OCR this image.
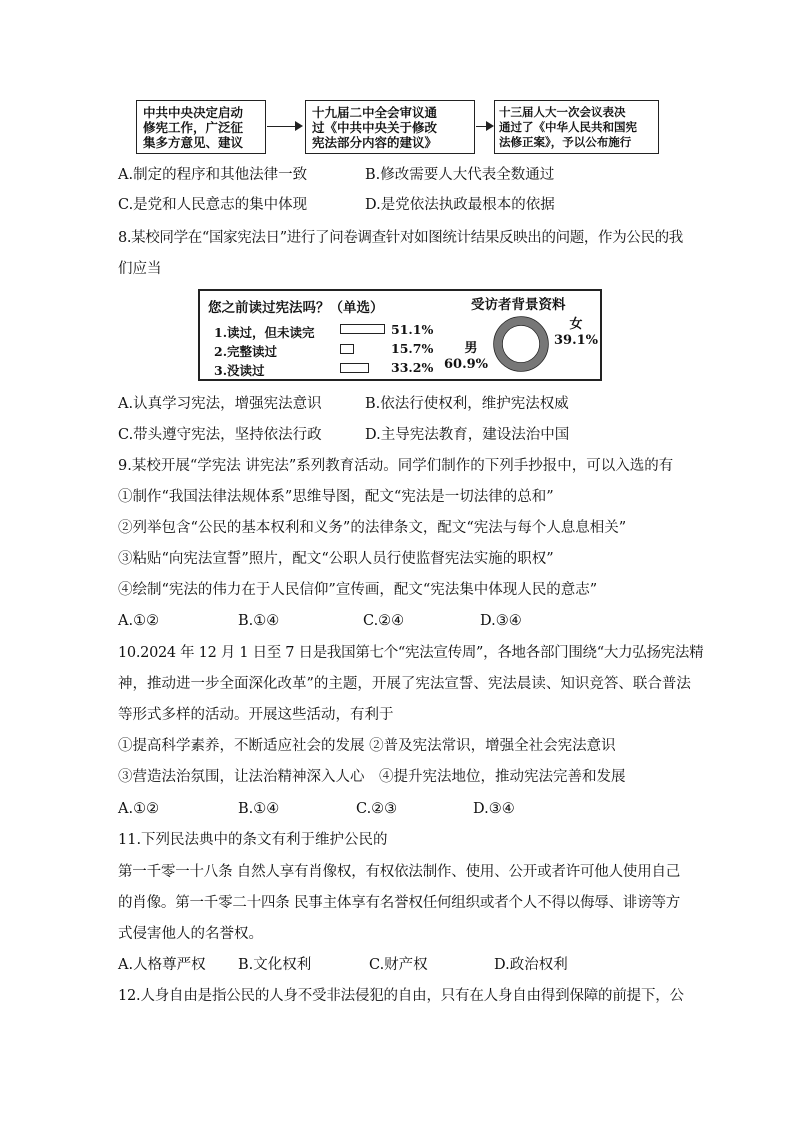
中共中央决定启动
修宪工作，广泛征
集多方意见、建议
十九届二中全会审议通
过《中共中央关于修改
宪法部分内容的建议》
十三届人大一次会议表决
通过了《中华人民共和国宪
法修正案》，予以公布施行
A.制定的程序和其他法律一致	B.修改需要人大代表全数通过
C.是党和人民意志的集中体现	D.是党依法执政最根本的依据
8.某校同学在“国家宪法日”进行了问卷调查针对如图统计结果反映出的问题，作为公民的我
们应当
您之前读过宪法吗？（单选）	受访者背景资料
1.读过，但未读完	51.1%
2.完整读过	15.7%
3.没读过	33.2%
男
60.9%
女
39.1%
A.认真学习宪法，增强宪法意识	B.依法行使权利，维护宪法权威
C.带头遵守宪法，坚持依法行政	D.主导宪法教育，建设法治中国
9.某校开展“学宪法 讲宪法”系列教育活动。同学们制作的下列手抄报中，可以入选的有
①制作“我国法律法规体系”思维导图，配文“宪法是一切法律的总和”
②列举包含“公民的基本权利和义务”的法律条文，配文“宪法与每个人息息相关”
③粘贴“向宪法宣誓”照片，配文“公职人员行使监督宪法实施的职权”
④绘制“宪法的伟力在于人民信仰”宣传画，配文“宪法集中体现人民的意志”
A.①②	B.①④	C.②④	D.③④
10.2024 年 12 月 1 日至 7 日是我国第七个“宪法宣传周”，各地各部门围绕“大力弘扬宪法精
神，推动进一步全面深化改革”的主题，开展了宪法宣誓、宪法晨读、知识竞答、联合普法
等形式多样的活动。开展这些活动，有利于
①提高科学素养，不断适应社会的发展 ②普及宪法常识，增强全社会宪法意识
③营造法治氛围，让法治精神深入人心　④提升宪法地位，推动宪法完善和发展
A.①②	B.①④	C.②③	D.③④
11.下列民法典中的条文有利于维护公民的
第一千零一十八条 自然人享有肖像权，有权依法制作、使用、公开或者许可他人使用自己
的肖像。第一千零二十四条 民事主体享有名誉权任何组织或者个人不得以侮辱、诽谤等方
式侵害他人的名誉权。
A.人格尊严权 B.文化权利	C.财产权	D.政治权利
12.人身自由是指公民的人身不受非法侵犯的自由，只有在人身自由得到保障的前提下，公
